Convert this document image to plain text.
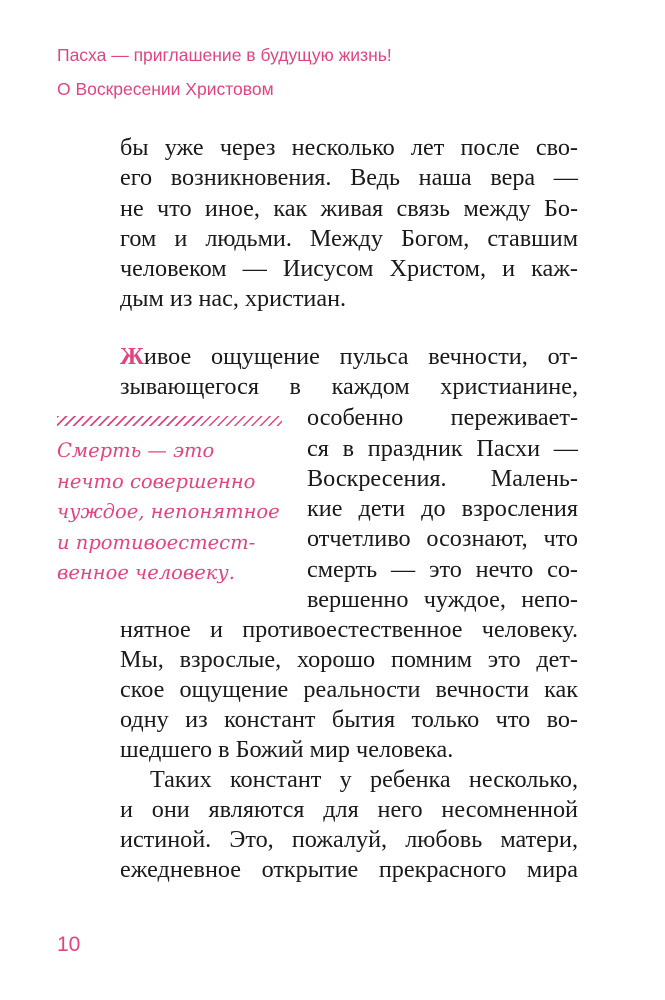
Пасха — приглашение в будущую жизнь!
О Воскресении Христовом
бы уже через несколько лет после сво-
его возникновения. Ведь наша вера —
не что иное, как живая связь между Бо-
гом и людьми. Между Богом, ставшим
человеком — Иисусом Христом, и каж-
дым из нас, христиан.
Живое ощущение пульса вечности, от-
зывающегося в каждом христианине,
особенно переживает-
ся в праздник Пасхи —
Воскресения. Малень-
кие дети до взросления
отчетливо осознают, что
смерть — это нечто со-
вершенно чуждое, непо-
нятное и противоестественное человеку.
Мы, взрослые, хорошо помним это дет-
ское ощущение реальности вечности как
одну из констант бытия только что во-
шедшего в Божий мир человека.
Таких констант у ребенка несколько,
и они являются для него несомненной
истиной. Это, пожалуй, любовь матери,
ежедневное открытие прекрасного мира
Смерть — это
нечто совершенно
чуждое, непонятное
и противоестест-
венное человеку.
10
